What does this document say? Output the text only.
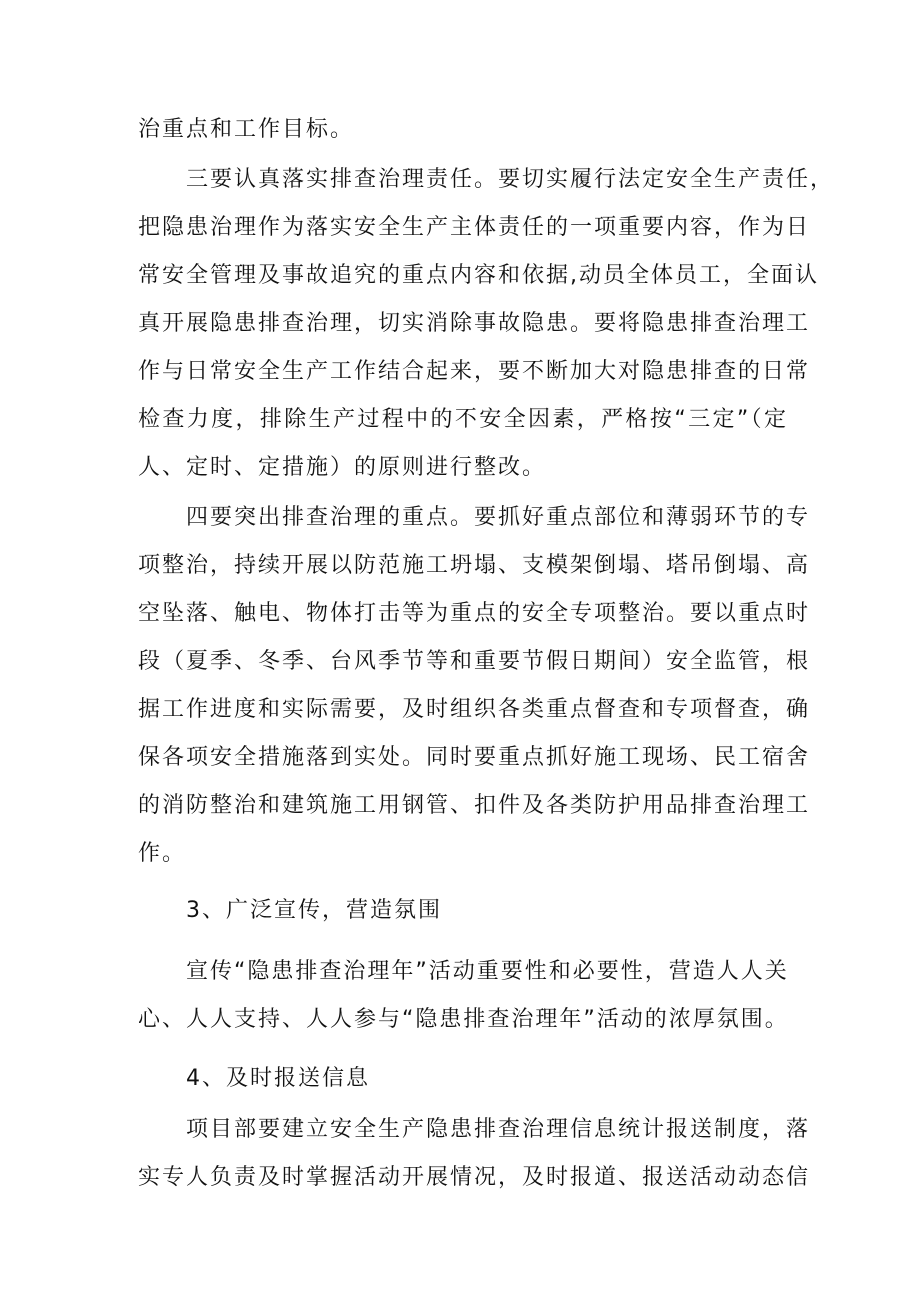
治重点和工作目标。
三要认真落实排查治理责任。要切实履行法定安全生产责任，
把隐患治理作为落实安全生产主体责任的一项重要内容，作为日
常安全管理及事故追究的重点内容和依据,动员全体员工，全面认
真开展隐患排查治理，切实消除事故隐患。要将隐患排查治理工
作与日常安全生产工作结合起来，要不断加大对隐患排查的日常
检查力度，排除生产过程中的不安全因素，严格按“三定”（定
人、定时、定措施）的原则进行整改。
四要突出排查治理的重点。要抓好重点部位和薄弱环节的专
项整治，持续开展以防范施工坍塌、支模架倒塌、塔吊倒塌、高
空坠落、触电、物体打击等为重点的安全专项整治。要以重点时
段（夏季、冬季、台风季节等和重要节假日期间）安全监管，根
据工作进度和实际需要，及时组织各类重点督查和专项督查，确
保各项安全措施落到实处。同时要重点抓好施工现场、民工宿舍
的消防整治和建筑施工用钢管、扣件及各类防护用品排查治理工
作。
3、广泛宣传，营造氛围
宣传“隐患排查治理年”活动重要性和必要性，营造人人关
心、人人支持、人人参与“隐患排查治理年”活动的浓厚氛围。
4、及时报送信息
项目部要建立安全生产隐患排查治理信息统计报送制度，落
实专人负责及时掌握活动开展情况，及时报道、报送活动动态信
